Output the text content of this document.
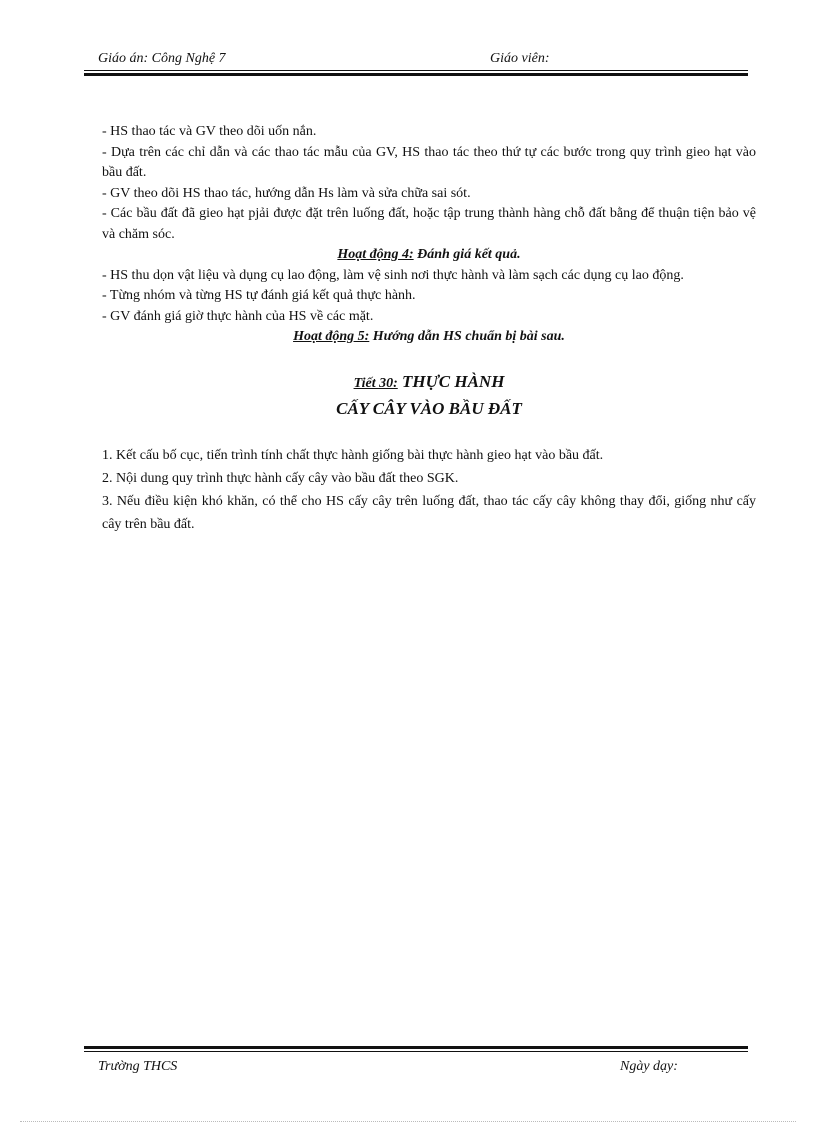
Giáo án: Công Nghệ 7	Giáo viên:

- HS thao tác và GV theo dõi uốn nắn.

- Dựa trên các chỉ dẫn và các thao tác mẫu của GV, HS thao tác theo thứ tự các bước trong quy trình gieo hạt vào bầu đất.

- GV theo dõi HS thao tác, hướng dẫn Hs làm và sửa chữa sai sót.

- Các bầu đất đã gieo hạt pjải được đặt trên luống đất, hoặc tập trung thành hàng chỗ đất bằng để thuận tiện bảo vệ và chăm sóc.

Hoạt động 4: Đánh giá kết quả.

- HS thu dọn vật liệu và dụng cụ lao động, làm vệ sinh nơi thực hành và làm sạch các dụng cụ lao động.

- Từng nhóm và từng HS tự đánh giá kết quả thực hành.

- GV đánh giá giờ thực hành của HS về các mặt.

Hoạt động 5: Hướng dẫn HS chuẩn bị bài sau.

Tiết 30: THỰC HÀNH
CẤY CÂY VÀO BẦU ĐẤT

1. Kết cấu bố cục, tiến trình tính chất thực hành giống bài thực hành gieo hạt vào bầu đất.

2. Nội dung quy trình thực hành cấy cây vào bầu đất theo SGK.

3. Nếu điều kiện khó khăn, có thể cho HS cấy cây trên luống đất, thao tác cấy cây không thay đổi, giống như cấy cây trên bầu đất.

Trường THCS	Ngày dạy:
